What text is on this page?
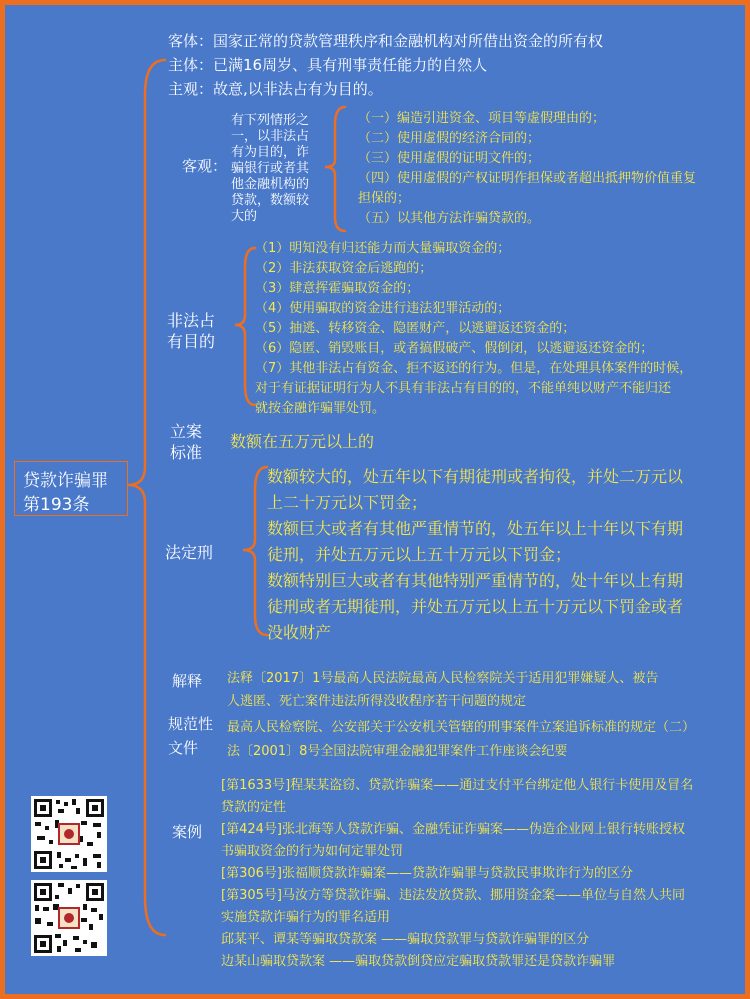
贷款诈骗罪
第193条
客体：国家正常的贷款管理秩序和金融机构对所借出资金的所有权
主体：已满16周岁、具有刑事责任能力的自然人
主观：故意,以非法占有为目的。
客观：
有下列情形之
一，以非法占
有为目的，诈
骗银行或者其
他金融机构的
贷款，数额较
大的
（一）编造引进资金、项目等虚假理由的；
（二）使用虚假的经济合同的；
（三）使用虚假的证明文件的；
（四）使用虚假的产权证明作担保或者超出抵押物价值重复
担保的；
（五）以其他方法诈骗贷款的。
非法占
有目的
（1）明知没有归还能力而大量骗取资金的；
（2）非法获取资金后逃跑的；
（3）肆意挥霍骗取资金的；
（4）使用骗取的资金进行违法犯罪活动的；
（5）抽逃、转移资金、隐匿财产，以逃避返还资金的；
（6）隐匿、销毁账目，或者搞假破产、假倒闭，以逃避返还资金的；
（7）其他非法占有资金、拒不返还的行为。但是，在处理具体案件的时候，
对于有证据证明行为人不具有非法占有目的的，不能单纯以财产不能归还
就按金融诈骗罪处罚。
立案
标准
数额在五万元以上的
法定刑
数额较大的，处五年以下有期徒刑或者拘役，并处二万元以
上二十万元以下罚金；
数额巨大或者有其他严重情节的，处五年以上十年以下有期
徒刑，并处五万元以上五十万元以下罚金；
数额特别巨大或者有其他特别严重情节的，处十年以上有期
徒刑或者无期徒刑，并处五万元以上五十万元以下罚金或者
没收财产
解释 法释〔2017〕1号最高人民法院最高人民检察院关于适用犯罪嫌疑人、被告
人逃匿、死亡案件违法所得没收程序若干问题的规定
规范性
文件
最高人民检察院、公安部关于公安机关管辖的刑事案件立案追诉标准的规定（二）
法〔2001〕8号全国法院审理金融犯罪案件工作座谈会纪要
案例
[第1633号]程某某盗窃、贷款诈骗案——通过支付平台绑定他人银行卡使用及冒名
贷款的定性
[第424号]张北海等人贷款诈骗、金融凭证诈骗案——伪造企业网上银行转账授权
书骗取资金的行为如何定罪处罚
[第306号]张福顺贷款诈骗案——贷款诈骗罪与贷款民事欺诈行为的区分
[第305号]马汝方等贷款诈骗、违法发放贷款、挪用资金案——单位与自然人共同
实施贷款诈骗行为的罪名适用
邱某平、谭某等骗取贷款案 ——骗取贷款罪与贷款诈骗罪的区分
边某山骗取贷款案 ——骗取贷款倒贷应定骗取贷款罪还是贷款诈骗罪
